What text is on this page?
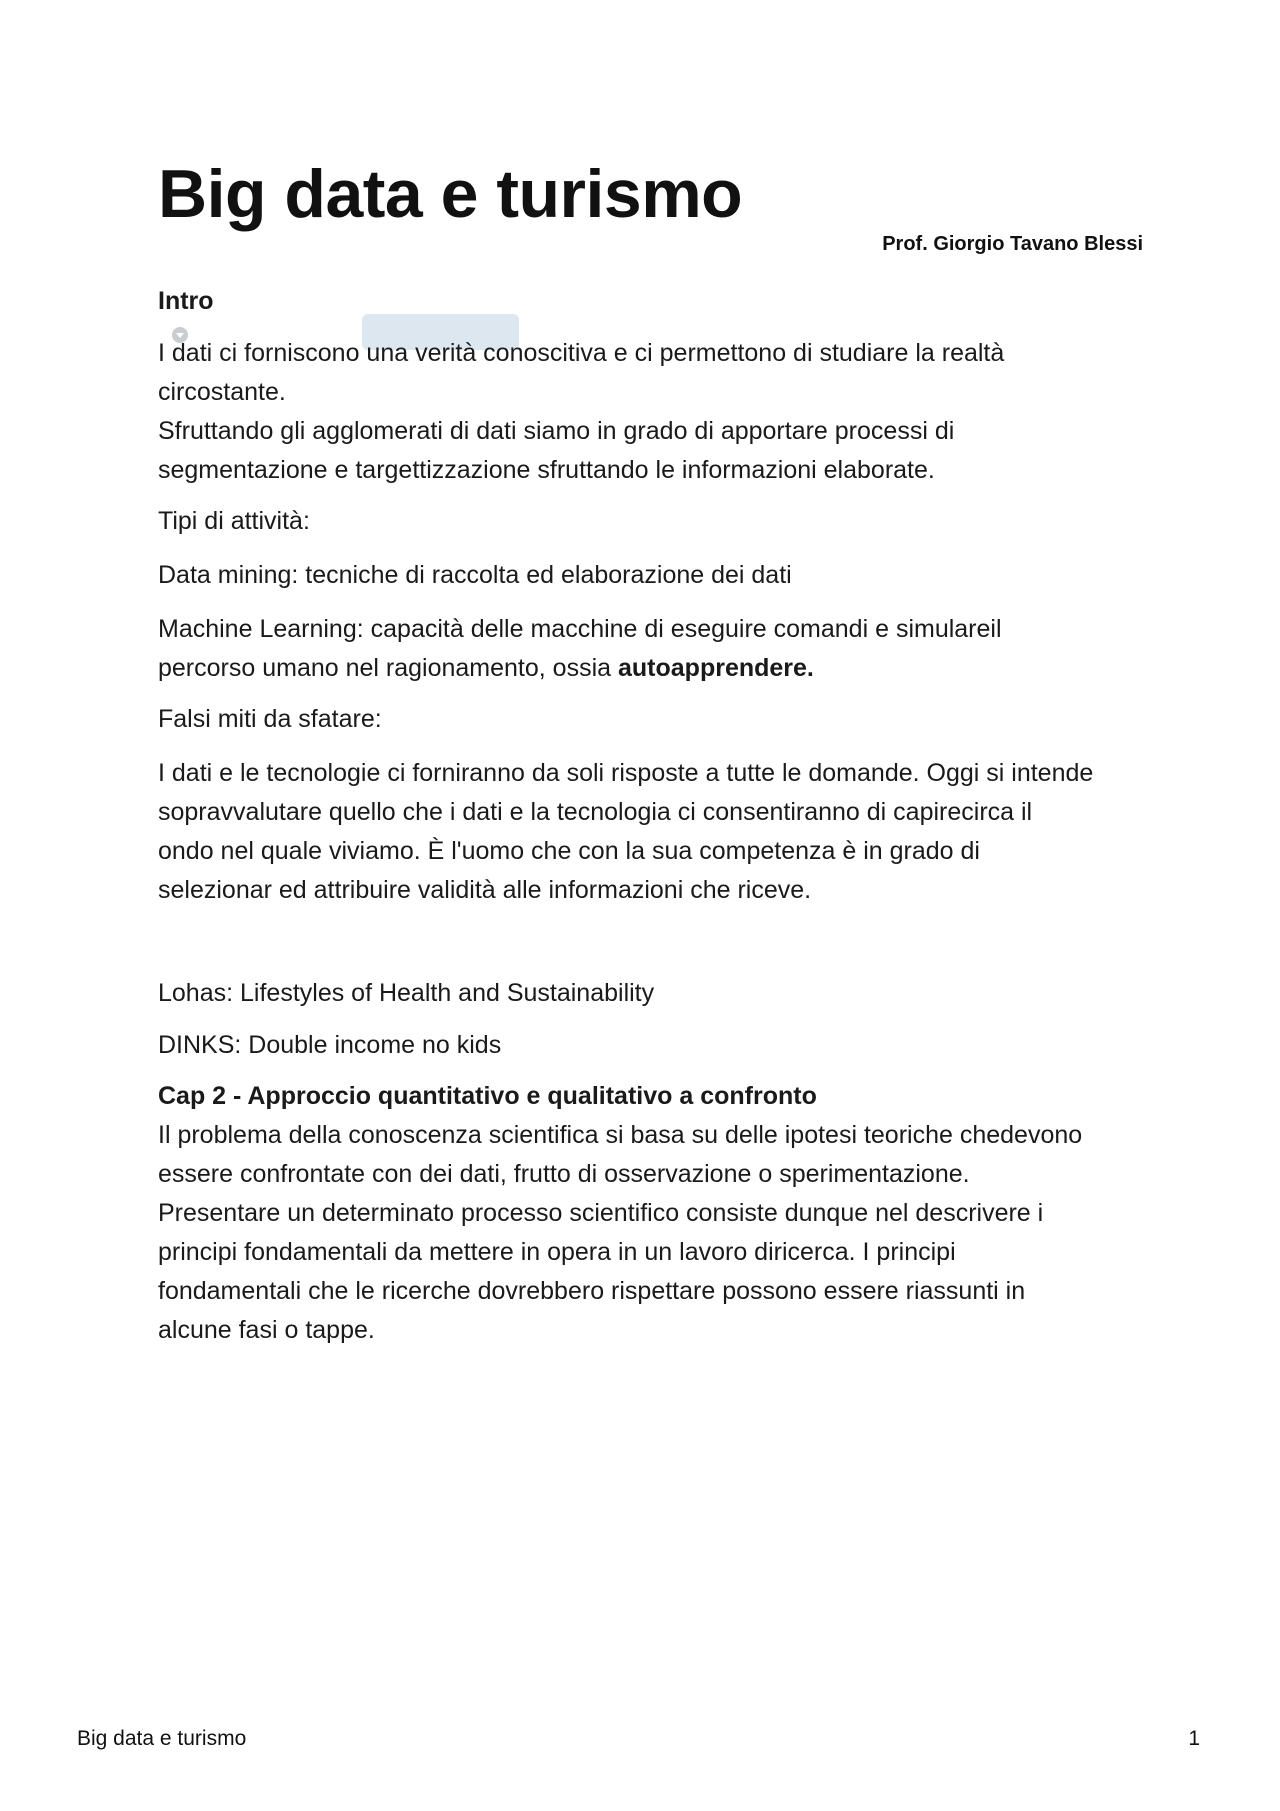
Big data e turismo
Prof. Giorgio Tavano Blessi

Intro

I dati ci forniscono una verità conoscitiva e ci permettono di studiare la realtà

circostante.

Sfruttando gli agglomerati di dati siamo in grado di apportare processi di

segmentazione e targettizzazione sfruttando le informazioni elaborate.

Tipi di attività:

Data mining: tecniche di raccolta ed elaborazione dei dati

Machine Learning: capacità delle macchine di eseguire comandi e simulareil

percorso umano nel ragionamento, ossia autoapprendere.

Falsi miti da sfatare:

I dati e le tecnologie ci forniranno da soli risposte a tutte le domande. Oggi si intende

sopravvalutare quello che i dati e la tecnologia ci consentiranno di capirecirca il

ondo nel quale viviamo. È l'uomo che con la sua competenza è in grado di

selezionar ed attribuire validità alle informazioni che riceve.

Lohas: Lifestyles of Health and Sustainability

DINKS: Double income no kids

Cap 2 - Approccio quantitativo e qualitativo a confronto

Il problema della conoscenza scientifica si basa su delle ipotesi teoriche chedevono

essere confrontate con dei dati, frutto di osservazione o sperimentazione.

Presentare un determinato processo scientifico consiste dunque nel descrivere i

principi fondamentali da mettere in opera in un lavoro diricerca. I principi

fondamentali che le ricerche dovrebbero rispettare possono essere riassunti in

alcune fasi o tappe.

Big data e turismo	1
